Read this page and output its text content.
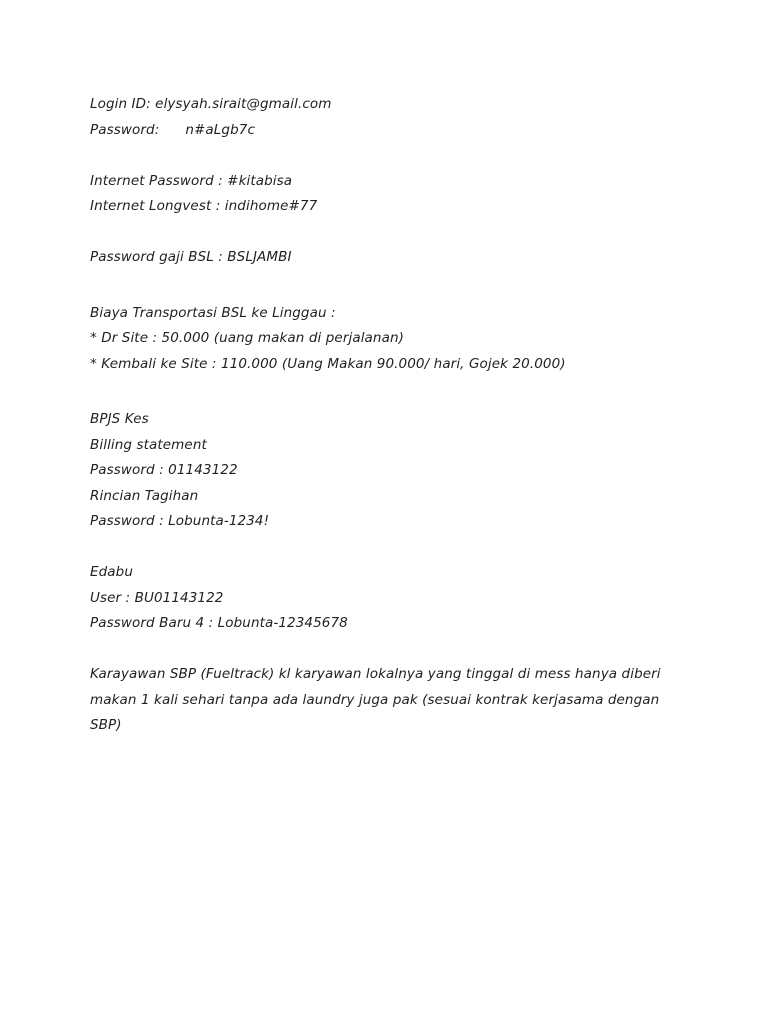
Login ID: elysyah.sirait@gmail.com
Password: n#aLgb7c
Internet Password : #kitabisa
Internet Longvest : indihome#77
Password gaji BSL : BSLJAMBI
Biaya Transportasi BSL ke Linggau :
* Dr Site : 50.000 (uang makan di perjalanan)
* Kembali ke Site : 110.000 (Uang Makan 90.000/ hari, Gojek 20.000)
BPJS Kes
Billing statement
Password : 01143122
Rincian Tagihan
Password : Lobunta-1234!
Edabu
User : BU01143122
Password Baru 4 : Lobunta-12345678
Karayawan SBP (Fueltrack) kl karyawan lokalnya yang tinggal di mess hanya diberi makan 1 kali sehari tanpa ada laundry juga pak (sesuai kontrak kerjasama dengan SBP)
